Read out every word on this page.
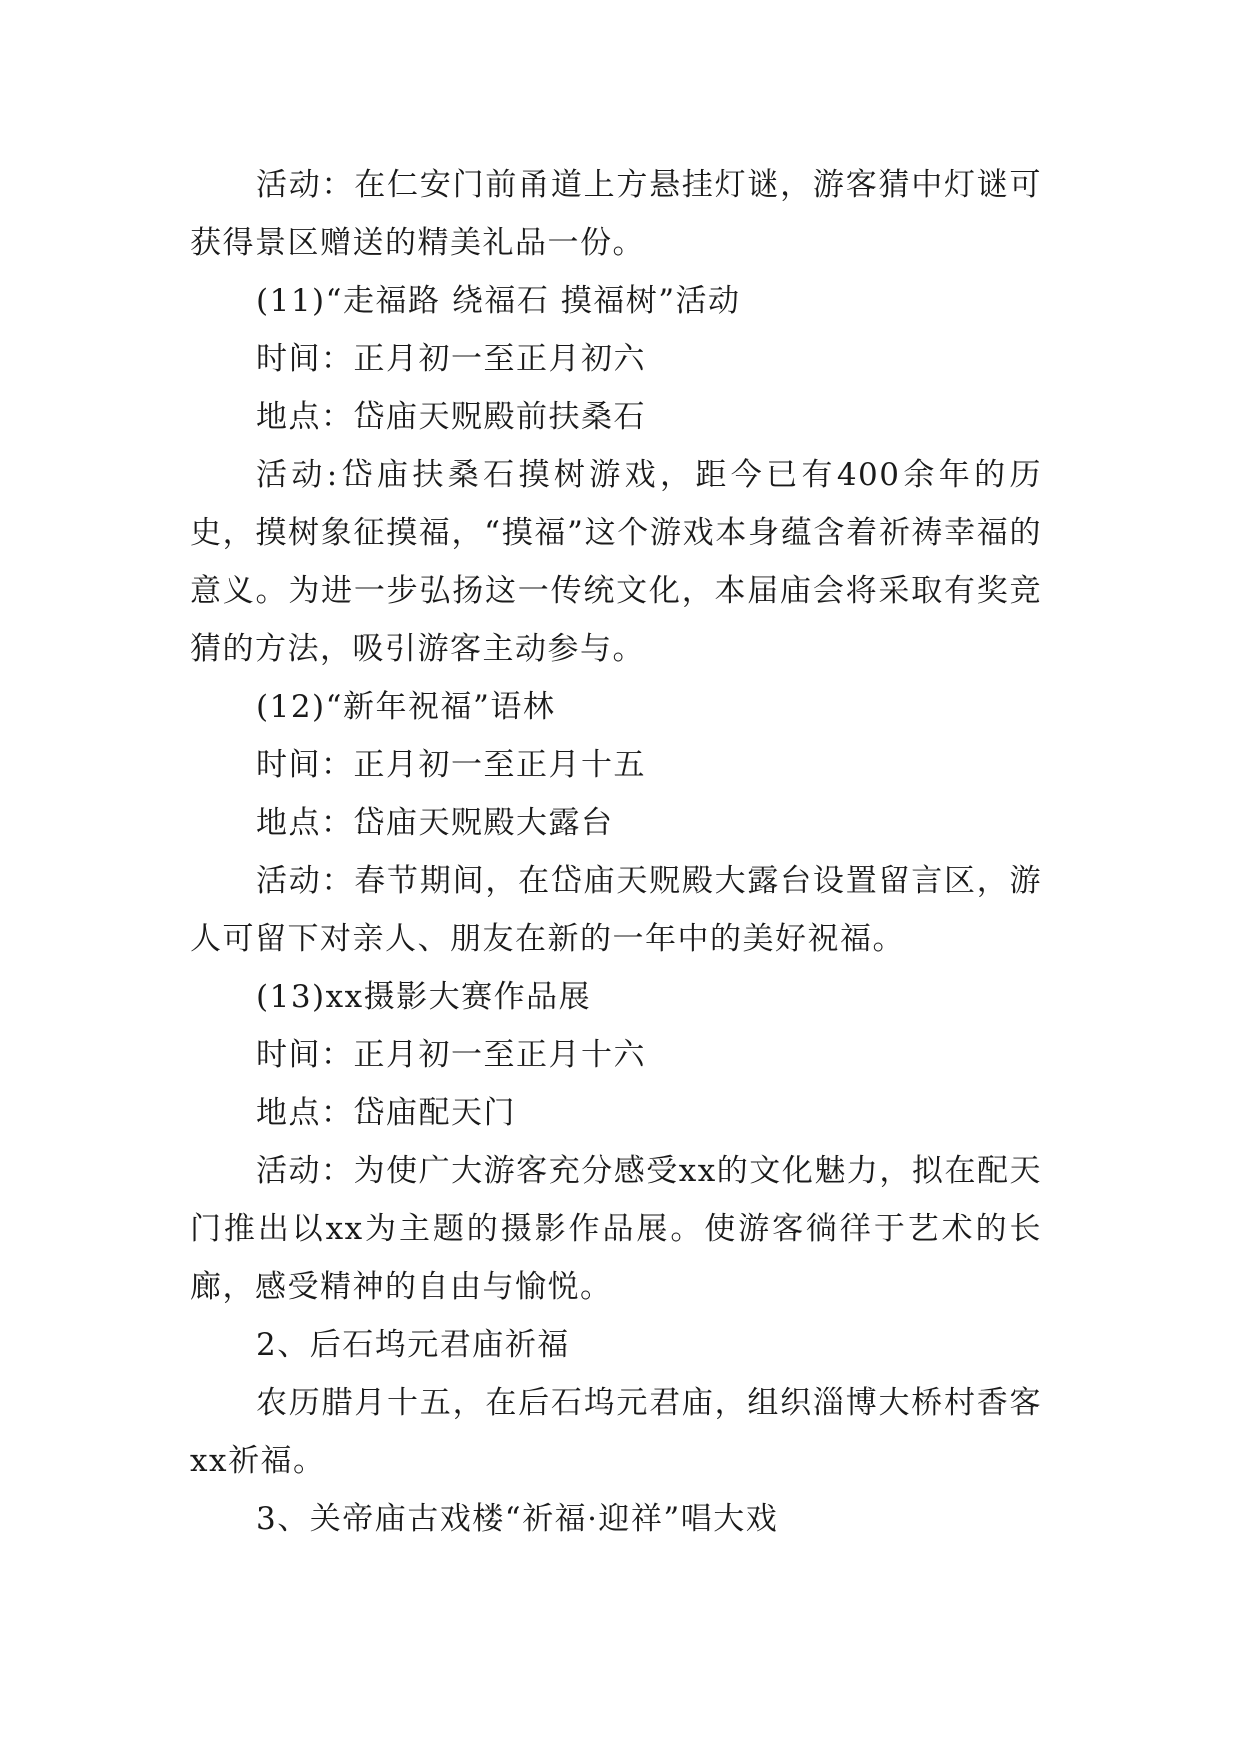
活动：在仁安门前甬道上方悬挂灯谜，游客猜中灯谜可获得景区赠送的精美礼品一份。

(11)“走福路 绕福石 摸福树”活动

时间：正月初一至正月初六

地点：岱庙天贶殿前扶桑石

活动:岱庙扶桑石摸树游戏，距今已有400余年的历史，摸树象征摸福，“摸福”这个游戏本身蕴含着祈祷幸福的意义。为进一步弘扬这一传统文化，本届庙会将采取有奖竞猜的方法，吸引游客主动参与。

(12)“新年祝福”语林

时间：正月初一至正月十五

地点：岱庙天贶殿大露台

活动：春节期间，在岱庙天贶殿大露台设置留言区，游人可留下对亲人、朋友在新的一年中的美好祝福。

(13)xx摄影大赛作品展

时间：正月初一至正月十六

地点：岱庙配天门

活动：为使广大游客充分感受xx的文化魅力，拟在配天门推出以xx为主题的摄影作品展。使游客徜徉于艺术的长廊，感受精神的自由与愉悦。

2、后石坞元君庙祈福

农历腊月十五，在后石坞元君庙，组织淄博大桥村香客xx祈福。

3、关帝庙古戏楼“祈福·迎祥”唱大戏
